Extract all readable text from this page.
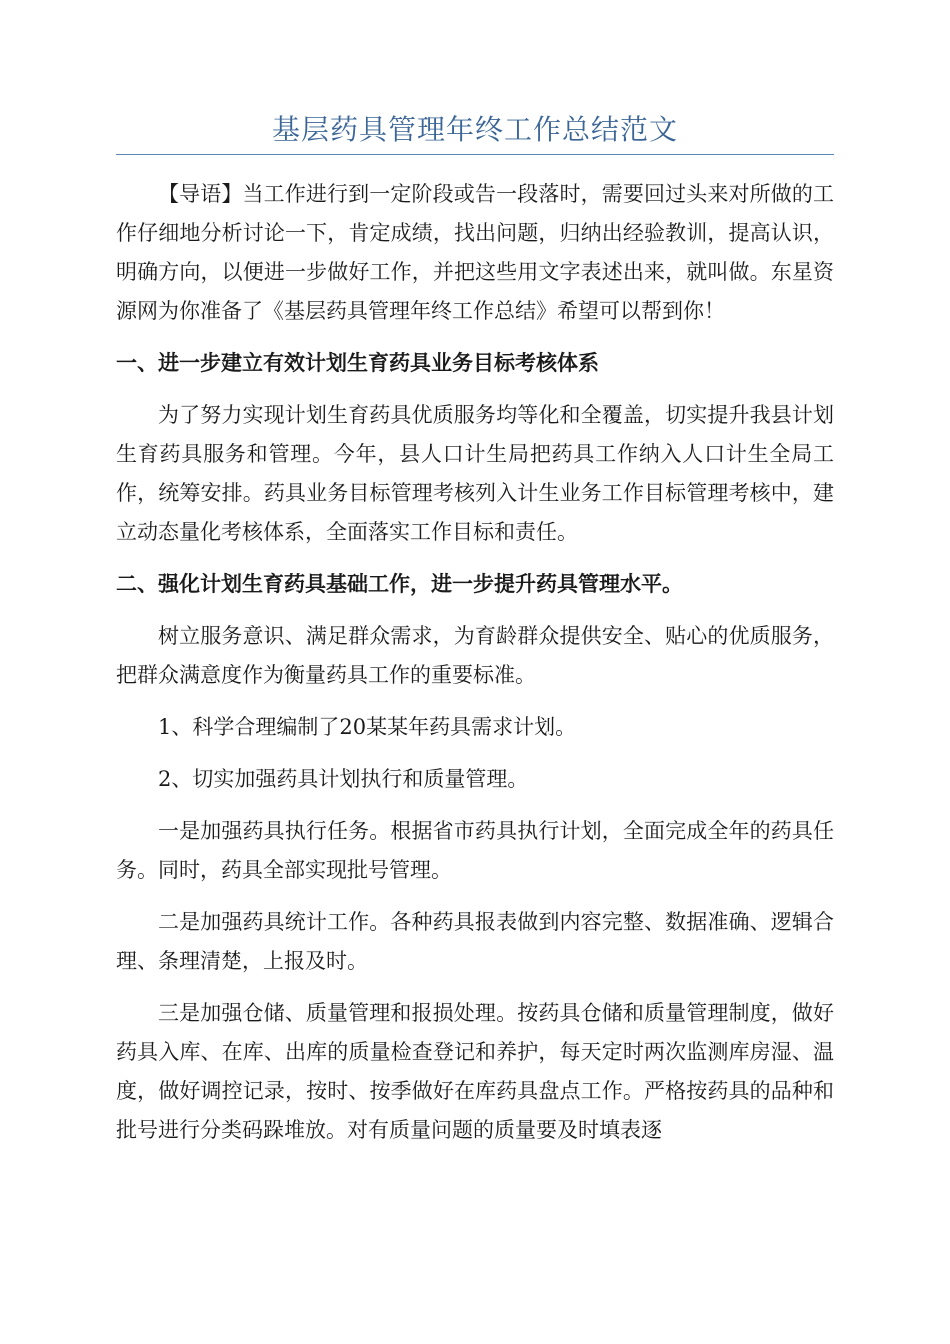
基层药具管理年终工作总结范文

【导语】当工作进行到一定阶段或告一段落时，需要回过头来对所做的工作仔细地分析讨论一下，肯定成绩，找出问题，归纳出经验教训，提高认识，明确方向，以便进一步做好工作，并把这些用文字表述出来，就叫做。东星资源网为你准备了《基层药具管理年终工作总结》希望可以帮到你！

一、进一步建立有效计划生育药具业务目标考核体系

为了努力实现计划生育药具优质服务均等化和全覆盖，切实提升我县计划生育药具服务和管理。今年，县人口计生局把药具工作纳入人口计生全局工作，统筹安排。药具业务目标管理考核列入计生业务工作目标管理考核中，建立动态量化考核体系，全面落实工作目标和责任。

二、强化计划生育药具基础工作，进一步提升药具管理水平。

树立服务意识、满足群众需求，为育龄群众提供安全、贴心的优质服务，把群众满意度作为衡量药具工作的重要标准。

1、科学合理编制了20某某年药具需求计划。

2、切实加强药具计划执行和质量管理。

一是加强药具执行任务。根据省市药具执行计划，全面完成全年的药具任务。同时，药具全部实现批号管理。

二是加强药具统计工作。各种药具报表做到内容完整、数据准确、逻辑合理、条理清楚，上报及时。

三是加强仓储、质量管理和报损处理。按药具仓储和质量管理制度，做好药具入库、在库、出库的质量检查登记和养护，每天定时两次监测库房湿、温度，做好调控记录，按时、按季做好在库药具盘点工作。严格按药具的品种和批号进行分类码跺堆放。对有质量问题的质量要及时填表逐
